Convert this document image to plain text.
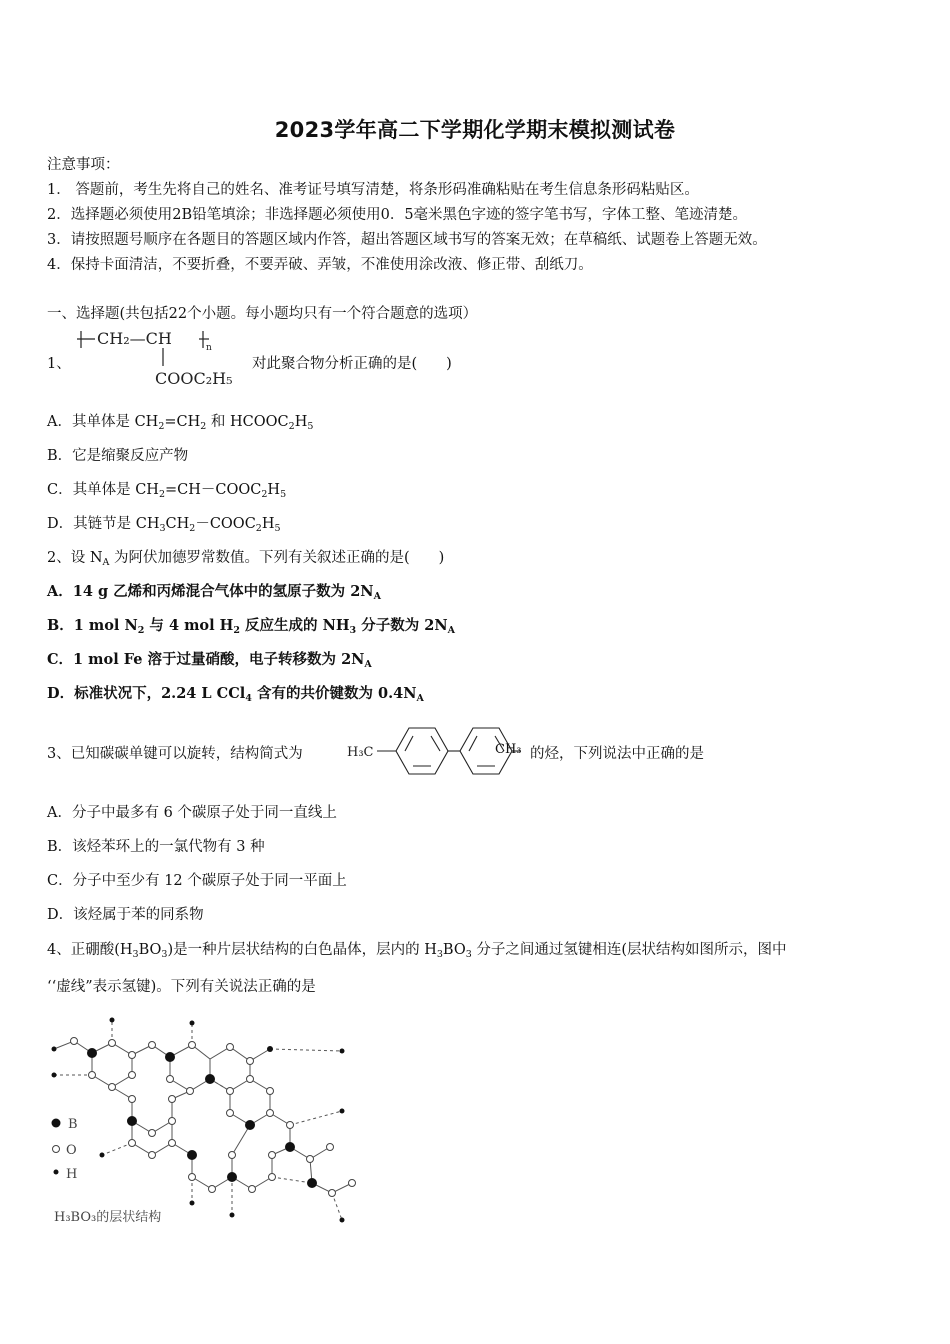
2023学年高二下学期化学期末模拟测试卷
注意事项：
1． 答题前，考生先将自己的姓名、准考证号填写清楚，将条形码准确粘贴在考生信息条形码粘贴区。
2．选择题必须使用2B铅笔填涂；非选择题必须使用0．5毫米黑色字迹的签字笔书写，字体工整、笔迹清楚。
3．请按照题号顺序在各题目的答题区域内作答，超出答题区域书写的答案无效；在草稿纸、试题卷上答题无效。
4．保持卡面清洁，不要折叠，不要弄破、弄皱，不准使用涂改液、修正带、刮纸刀。
一、选择题(共包括22个小题。每小题均只有一个符合题意的选项）
1、
CH₂—CH	n
COOC₂H₅
对此聚合物分析正确的是(　　)
A．其单体是 $CH_2=CH_2$ 和 $HCOOC_2H_5$
B．它是缩聚反应产物
C．其单体是 $CH_2=CH-COOC_2H_5$
D．其链节是 $CH_3CH_2-COOC_2H_5$
2、设 $N_A$ 为阿伏加德罗常数值。下列有关叙述正确的是(　　)
A．14 g 乙烯和丙烯混合气体中的氢原子数为 $2N_A$
B．1 mol $N_2$ 与 4 mol $H_2$ 反应生成的 $NH_3$ 分子数为 $2N_A$
C．1 mol Fe 溶于过量硝酸，电子转移数为 $2N_A$
D．标准状况下，2.24 L CCl$_4$ 含有的共价键数为 $0.4N_A$
3、已知碳碳单键可以旋转，结构简式为	H₃C	CH₃ 的烃，下列说法中正确的是
A．分子中最多有 6 个碳原子处于同一直线上
B．该烃苯环上的一氯代物有 3 种
C．分子中至少有 12 个碳原子处于同一平面上
D．该烃属于苯的同系物
4、正硼酸$(H_3BO_3)$是一种片层状结构的白色晶体，层内的 $H_3BO_3$ 分子之间通过氢键相连(层状结构如图所示，图中
‘‘虚线”表示氢键)。下列有关说法正确的是
B
O
H
H₃BO₃的层状结构
